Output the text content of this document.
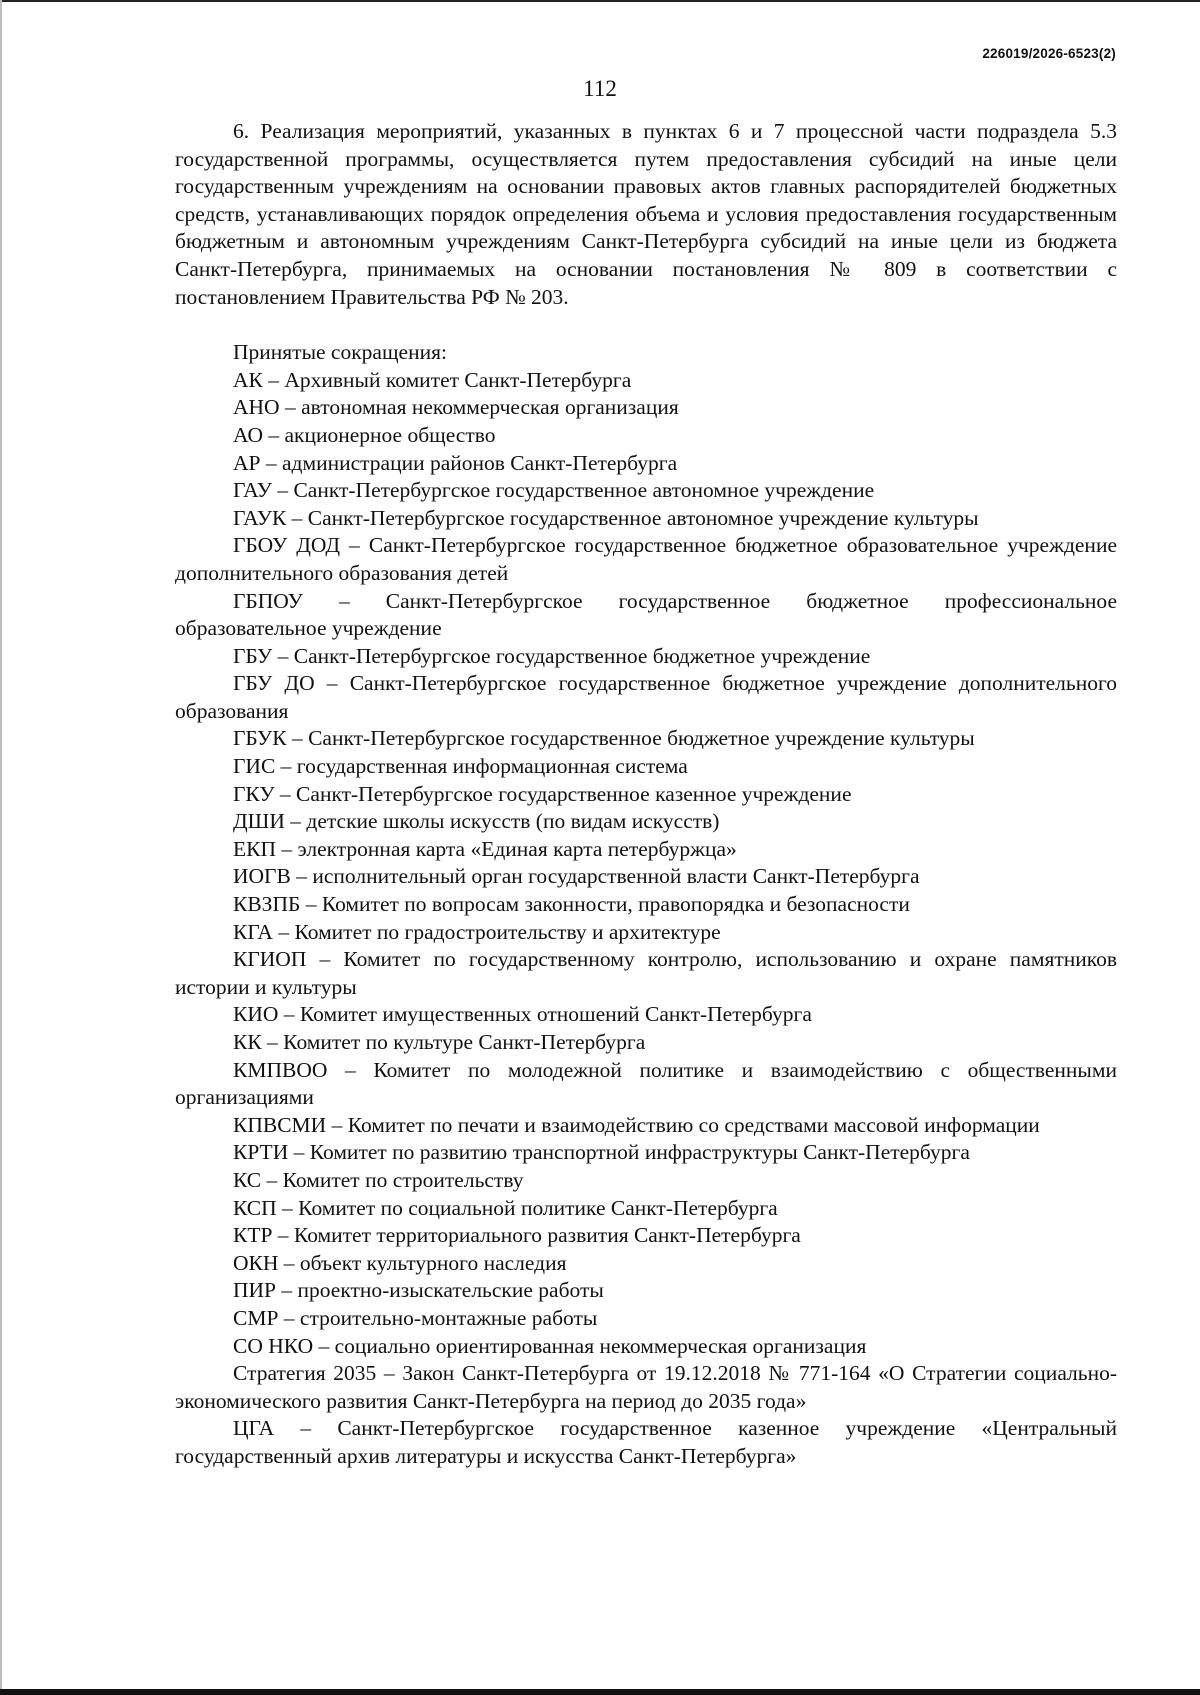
226019/2026-6523(2)
112

6. Реализация мероприятий, указанных в пунктах 6 и 7 процессной части подраздела 5.3 государственной программы, осуществляется путем предоставления субсидий на иные цели государственным учреждениям на основании правовых актов главных распорядителей бюджетных средств, устанавливающих порядок определения объема и условия предоставления государственным бюджетным и автономным учреждениям Санкт-Петербурга субсидий на иные цели из бюджета Санкт-Петербурга, принимаемых на основании постановления № 809 в соответствии с постановлением Правительства РФ № 203.

Принятые сокращения:

АК – Архивный комитет Санкт-Петербурга
АНО – автономная некоммерческая организация
АО – акционерное общество
АР – администрации районов Санкт-Петербурга
ГАУ – Санкт-Петербургское государственное автономное учреждение
ГАУК – Санкт-Петербургское государственное автономное учреждение культуры
ГБОУ ДОД – Санкт-Петербургское государственное бюджетное образовательное учреждение дополнительного образования детей
ГБПОУ – Санкт-Петербургское государственное бюджетное профессиональное образовательное учреждение
ГБУ – Санкт-Петербургское государственное бюджетное учреждение
ГБУ ДО – Санкт-Петербургское государственное бюджетное учреждение дополнительного образования
ГБУК – Санкт-Петербургское государственное бюджетное учреждение культуры
ГИС – государственная информационная система
ГКУ – Санкт-Петербургское государственное казенное учреждение
ДШИ – детские школы искусств (по видам искусств)
ЕКП – электронная карта «Единая карта петербуржца»
ИОГВ – исполнительный орган государственной власти Санкт-Петербурга
КВЗПБ – Комитет по вопросам законности, правопорядка и безопасности
КГА – Комитет по градостроительству и архитектуре
КГИОП – Комитет по государственному контролю, использованию и охране памятников истории и культуры
КИО – Комитет имущественных отношений Санкт-Петербурга
КК – Комитет по культуре Санкт-Петербурга
КМПВОО – Комитет по молодежной политике и взаимодействию с общественными организациями
КПВСМИ – Комитет по печати и взаимодействию со средствами массовой информации
КРТИ – Комитет по развитию транспортной инфраструктуры Санкт-Петербурга
КС – Комитет по строительству
КСП – Комитет по социальной политике Санкт-Петербурга
КТР – Комитет территориального развития Санкт-Петербурга
ОКН – объект культурного наследия
ПИР – проектно-изыскательские работы
СМР – строительно-монтажные работы
СО НКО – социально ориентированная некоммерческая организация
Стратегия 2035 – Закон Санкт-Петербурга от 19.12.2018 № 771-164 «О Стратегии социально-экономического развития Санкт-Петербурга на период до 2035 года»
ЦГА – Санкт-Петербургское государственное казенное учреждение «Центральный государственный архив литературы и искусства Санкт-Петербурга»
